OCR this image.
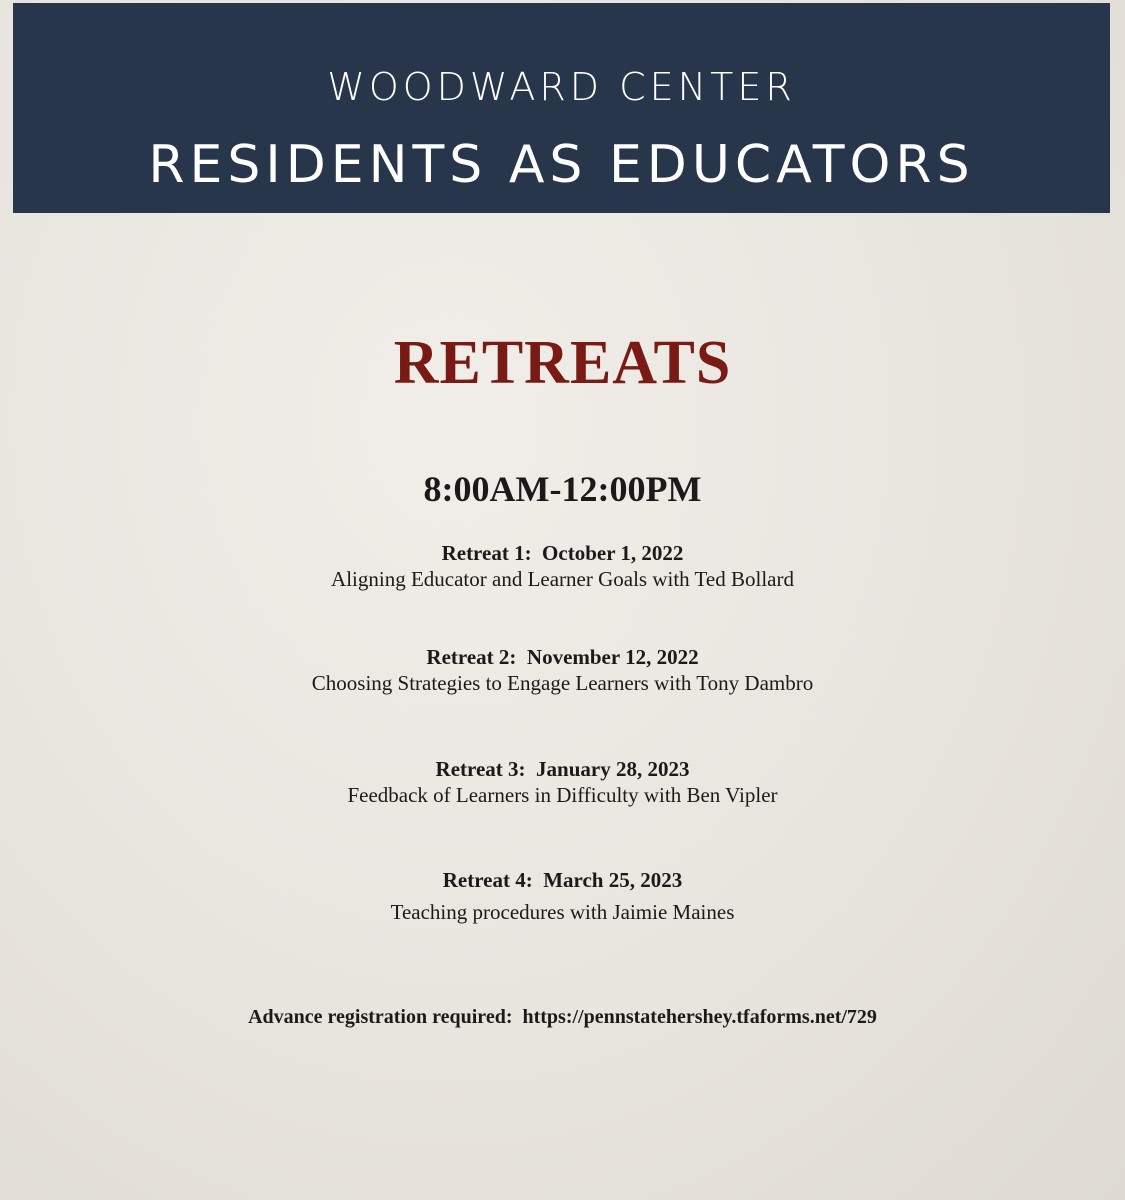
WOODWARD CENTER
RESIDENTS AS EDUCATORS
RETREATS
8:00AM-12:00PM
Retreat 1:  October 1, 2022
Aligning Educator and Learner Goals with Ted Bollard
Retreat 2:  November 12, 2022
Choosing Strategies to Engage Learners with Tony Dambro
Retreat 3:  January 28, 2023
Feedback of Learners in Difficulty with Ben Vipler
Retreat 4:  March 25, 2023
Teaching procedures with Jaimie Maines
Advance registration required:  https://pennstatehershey.tfaforms.net/729
